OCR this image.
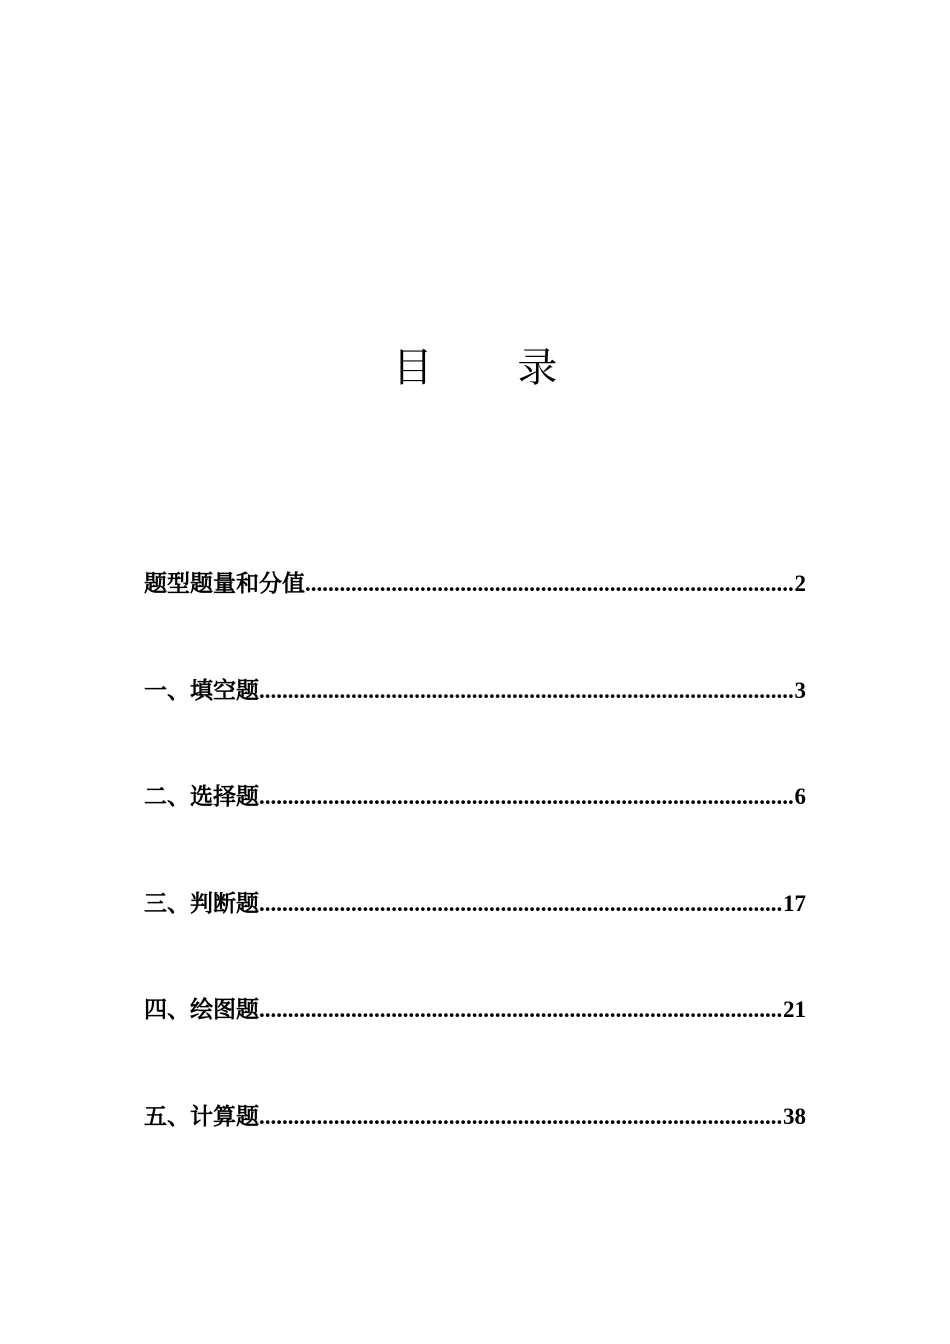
目 录
题型题量和分值 .....	2
一、填空题 .....	3
二、选择题 .....	6
三、判断题 .....	17
四、绘图题 .....	21
五、计算题 .....	38
